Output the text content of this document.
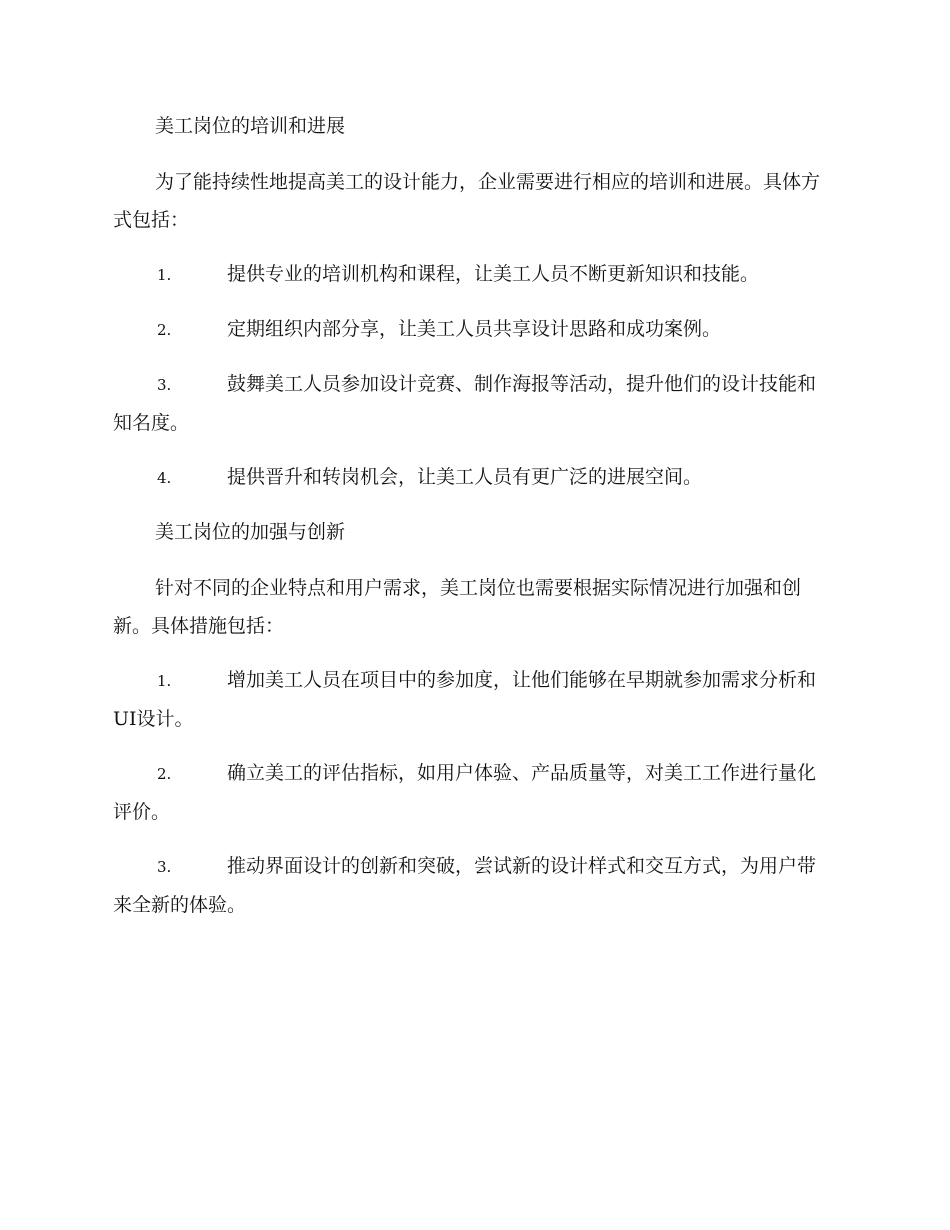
美工岗位的培训和进展

为了能持续性地提高美工的设计能力，企业需要进行相应的培训和进展。具体方式包括：

1.	提供专业的培训机构和课程，让美工人员不断更新知识和技能。
2.	定期组织内部分享，让美工人员共享设计思路和成功案例。
3.	鼓舞美工人员参加设计竞赛、制作海报等活动，提升他们的设计技能和知名度。
4.	提供晋升和转岗机会，让美工人员有更广泛的进展空间。
美工岗位的加强与创新

针对不同的企业特点和用户需求，美工岗位也需要根据实际情况进行加强和创新。具体措施包括：

1.	增加美工人员在项目中的参加度，让他们能够在早期就参加需求分析和UI设计。
2.	确立美工的评估指标，如用户体验、产品质量等，对美工工作进行量化评价。
3.	推动界面设计的创新和突破，尝试新的设计样式和交互方式，为用户带来全新的体验。
